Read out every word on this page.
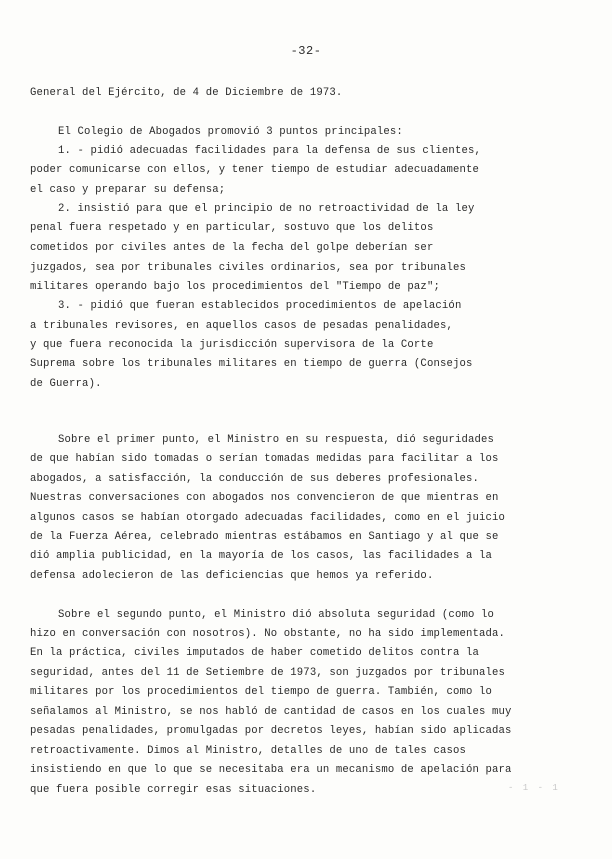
-32-

General del Ejército, de 4 de Diciembre de 1973.

El Colegio de Abogados promovió 3 puntos principales:

1. - pidió adecuadas facilidades para la defensa de sus clientes,

poder comunicarse con ellos, y tener tiempo de estudiar adecuadamente

el caso y preparar su defensa;

2. insistió para que el principio de no retroactividad de la ley

penal fuera respetado y en particular, sostuvo que los delitos

cometidos por civiles antes de la fecha del golpe deberían ser

juzgados, sea por tribunales civiles ordinarios, sea por tribunales

militares operando bajo los procedimientos del "Tiempo de paz";

3. - pidió que fueran establecidos procedimientos de apelación

a tribunales revisores, en aquellos casos de pesadas penalidades,

y que fuera reconocida la jurisdicción supervisora de la Corte

Suprema sobre los tribunales militares en tiempo de guerra (Consejos

de Guerra).

Sobre el primer punto, el Ministro en su respuesta, dió seguridades

de que habían sido tomadas o serían tomadas medidas para facilitar a los

abogados, a satisfacción, la conducción de sus deberes profesionales.

Nuestras conversaciones con abogados nos convencieron de que mientras en

algunos casos se habían otorgado adecuadas facilidades, como en el juicio

de la Fuerza Aérea, celebrado mientras estábamos en Santiago y al que se

dió amplia publicidad, en la mayoría de los casos, las facilidades a la

defensa adolecieron de las deficiencias que hemos ya referido.

Sobre el segundo punto, el Ministro dió absoluta seguridad (como lo

hizo en conversación con nosotros). No obstante, no ha sido implementada.

En la práctica, civiles imputados de haber cometido delitos contra la

seguridad, antes del 11 de Setiembre de 1973, son juzgados por tribunales

militares por los procedimientos del tiempo de guerra. También, como lo

señalamos al Ministro, se nos habló de cantidad de casos en los cuales muy

pesadas penalidades, promulgadas por decretos leyes, habían sido aplicadas

retroactivamente. Dimos al Ministro, detalles de uno de tales casos

insistiendo en que lo que se necesitaba era un mecanismo de apelación para

que fuera posible corregir esas situaciones.	- 1 - 1
